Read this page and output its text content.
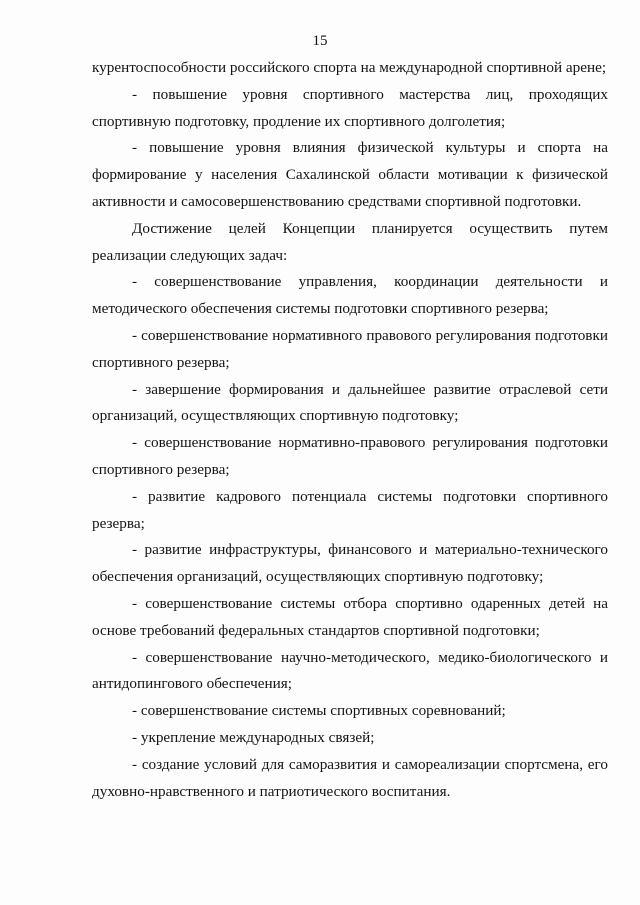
15

курентоспособности российского спорта на международной спортивной арене;

- повышение уровня спортивного мастерства лиц, проходящих спортивную подготовку, продление их спортивного долголетия;

- повышение уровня влияния физической культуры и спорта на формирование у населения Сахалинской области мотивации к физической активности и самосовершенствованию средствами спортивной подготовки.

Достижение целей Концепции планируется осуществить путем реализации следующих задач:

- совершенствование управления, координации деятельности и методического обеспечения системы подготовки спортивного резерва;

- совершенствование нормативного правового регулирования подготовки спортивного резерва;

- завершение формирования и дальнейшее развитие отраслевой сети организаций, осуществляющих спортивную подготовку;

- совершенствование нормативно-правового регулирования подготовки спортивного резерва;

- развитие кадрового потенциала системы подготовки спортивного резерва;

- развитие инфраструктуры, финансового и материально-технического обеспечения организаций, осуществляющих спортивную подготовку;

- совершенствование системы отбора спортивно одаренных детей на основе требований федеральных стандартов спортивной подготовки;

- совершенствование научно-методического, медико-биологического и антидопингового обеспечения;

- совершенствование системы спортивных соревнований;

- укрепление международных связей;

- создание условий для саморазвития и самореализации спортсмена, его духовно-нравственного и патриотического воспитания.
